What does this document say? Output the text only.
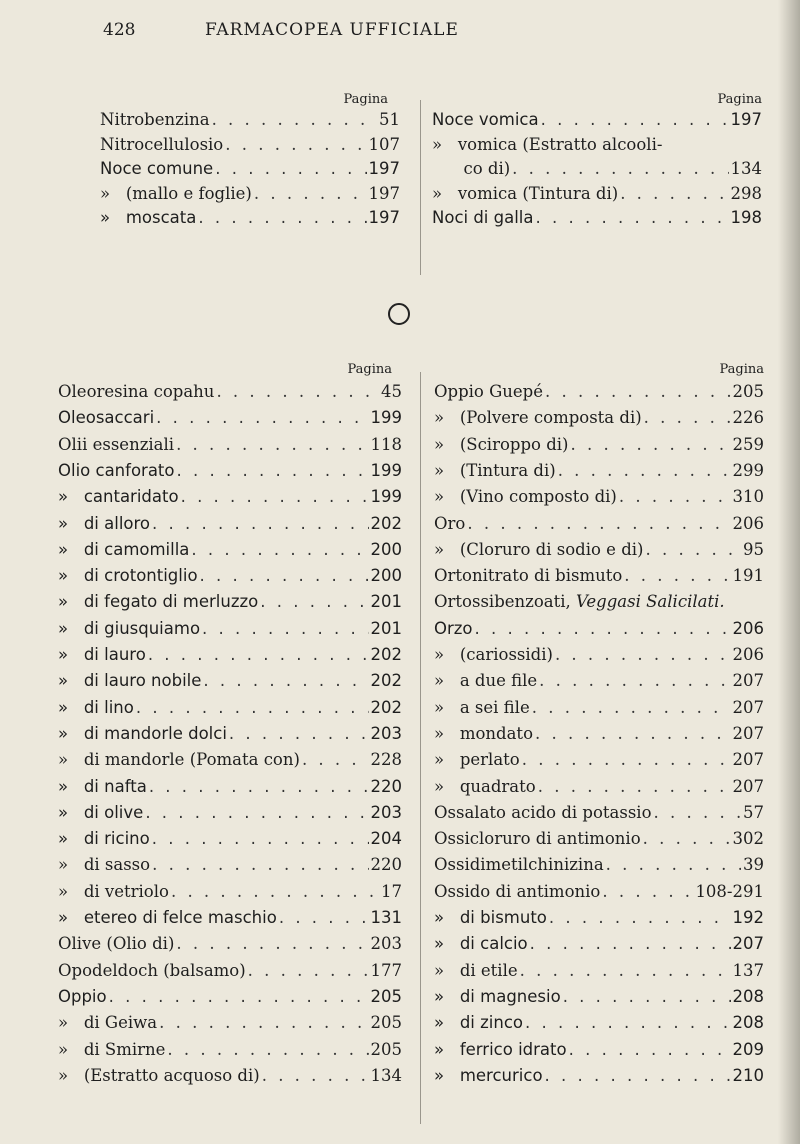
428	FARMACOPEA UFFICIALE
Pagina
Nitrobenzina . . .	51
Nitrocellulosio . . .	107
Noce comune . . .	197
»   (mallo e foglie) . . .	197
»   moscata . . .	197
Pagina
Noce vomica . . .	197
»   vomica (Estratto alcooli-
co di) . . .	134
»   vomica (Tintura di) . . .	298
Noci di galla . . .	198
Pagina
Oleoresina copahu . . .	45
Oleosaccari . . .	199
Olii essenziali . . .	118
Olio canforato . . .	199
»   cantaridato . . .	199
»   di alloro . . .	202
»   di camomilla . . .	200
»   di crotontiglio . . .	200
»   di fegato di merluzzo . . .	201
»   di giusquiamo . . .	201
»   di lauro . . .	202
»   di lauro nobile . . .	202
»   di lino . . .	202
»   di mandorle dolci . . .	203
»   di mandorle (Pomata con) . . .	228
»   di nafta . . .	220
»   di olive . . .	203
»   di ricino . . .	204
»   di sasso . . .	220
»   di vetriolo . . .	17
»   etereo di felce maschio . . .	131
Olive (Olio di) . . .	203
Opodeldoch (balsamo) . . .	177
Oppio . . .	205
»   di Geiwa . . .	205
»   di Smirne . . .	205
»   (Estratto acquoso di) . . .	134
Pagina
Oppio Guepé . . .	205
»   (Polvere composta di) . . .	226
»   (Sciroppo di) . . .	259
»   (Tintura di) . . .	299
»   (Vino composto di) . . .	310
Oro . . .	206
»   (Cloruro di sodio e di) . . .	95
Ortonitrato di bismuto . . .	191
Ortossibenzoati, Veggasi Salicilati.
Orzo . . .	206
»   (cariossidi) . . .	206
»   a due file . . .	207
»   a sei file . . .	207
»   mondato . . .	207
»   perlato . . .	207
»   quadrato . . .	207
Ossalato acido di potassio . . .	57
Ossicloruro di antimonio . . .	302
Ossidimetilchinizina . . .	39
Ossido di antimonio . . .	108-291
»   di bismuto . . .	192
»   di calcio . . .	207
»   di etile . . .	137
»   di magnesio . . .	208
»   di zinco . . .	208
»   ferrico idrato . . .	209
»   mercurico . . .	210
